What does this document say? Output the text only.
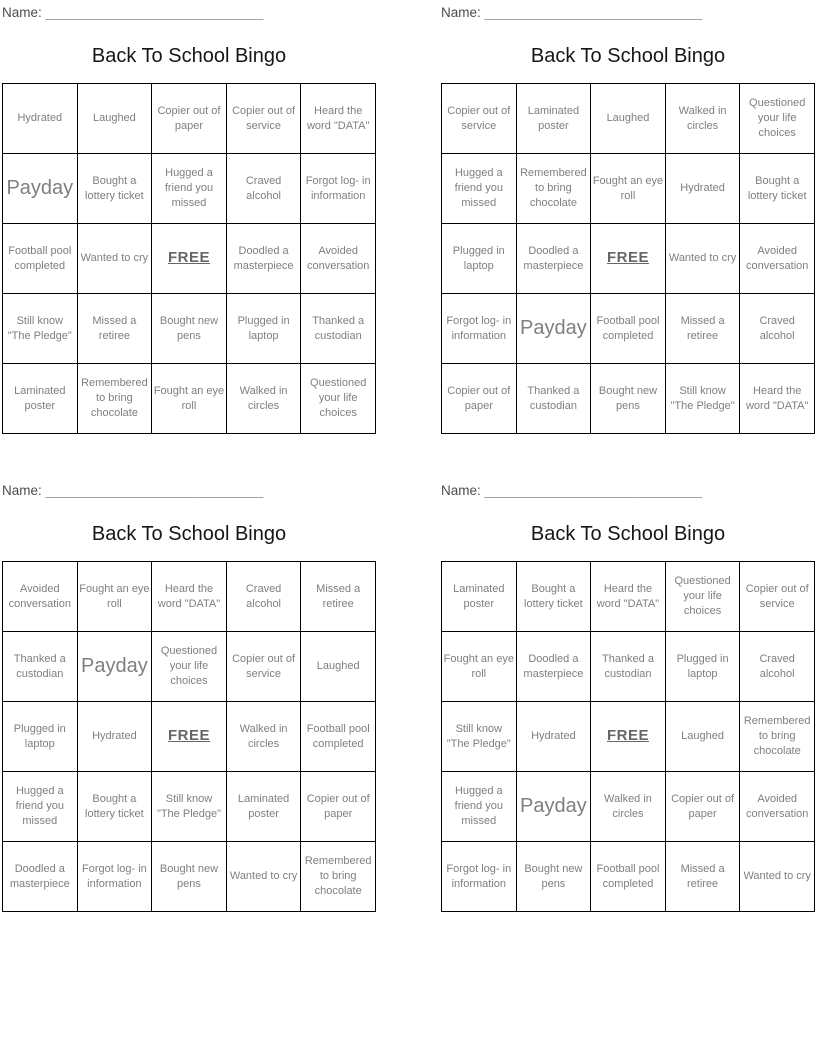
Name: _____________________________
Back To School Bingo
Hydrated	Laughed	Copier out of paper	Copier out of service	Heard the word "DATA"
Payday	Bought a lottery ticket	Hugged a friend you missed	Craved alcohol	Forgot log- in information
Football pool completed	Wanted to cry	FREE	Doodled a masterpiece	Avoided conversation
Still know "The Pledge"	Missed a retiree	Bought new pens	Plugged in laptop	Thanked a custodian
Laminated poster	Remembered to bring chocolate	Fought an eye roll	Walked in circles	Questioned your life choices
Name: _____________________________
Back To School Bingo
Copier out of service	Laminated poster	Laughed	Walked in circles	Questioned your life choices
Hugged a friend you missed	Remembered to bring chocolate	Fought an eye roll	Hydrated	Bought a lottery ticket
Plugged in laptop	Doodled a masterpiece	FREE	Wanted to cry	Avoided conversation
Forgot log- in information	Payday	Football pool completed	Missed a retiree	Craved alcohol
Copier out of paper	Thanked a custodian	Bought new pens	Still know "The Pledge"	Heard the word "DATA"
Name: _____________________________
Back To School Bingo
Avoided conversation	Fought an eye roll	Heard the word "DATA"	Craved alcohol	Missed a retiree
Thanked a custodian	Payday	Questioned your life choices	Copier out of service	Laughed
Plugged in laptop	Hydrated	FREE	Walked in circles	Football pool completed
Hugged a friend you missed	Bought a lottery ticket	Still know "The Pledge"	Laminated poster	Copier out of paper
Doodled a masterpiece	Forgot log- in information	Bought new pens	Wanted to cry	Remembered to bring chocolate
Name: _____________________________
Back To School Bingo
Laminated poster	Bought a lottery ticket	Heard the word "DATA"	Questioned your life choices	Copier out of service
Fought an eye roll	Doodled a masterpiece	Thanked a custodian	Plugged in laptop	Craved alcohol
Still know "The Pledge"	Hydrated	FREE	Laughed	Remembered to bring chocolate
Hugged a friend you missed	Payday	Walked in circles	Copier out of paper	Avoided conversation
Forgot log- in information	Bought new pens	Football pool completed	Missed a retiree	Wanted to cry
